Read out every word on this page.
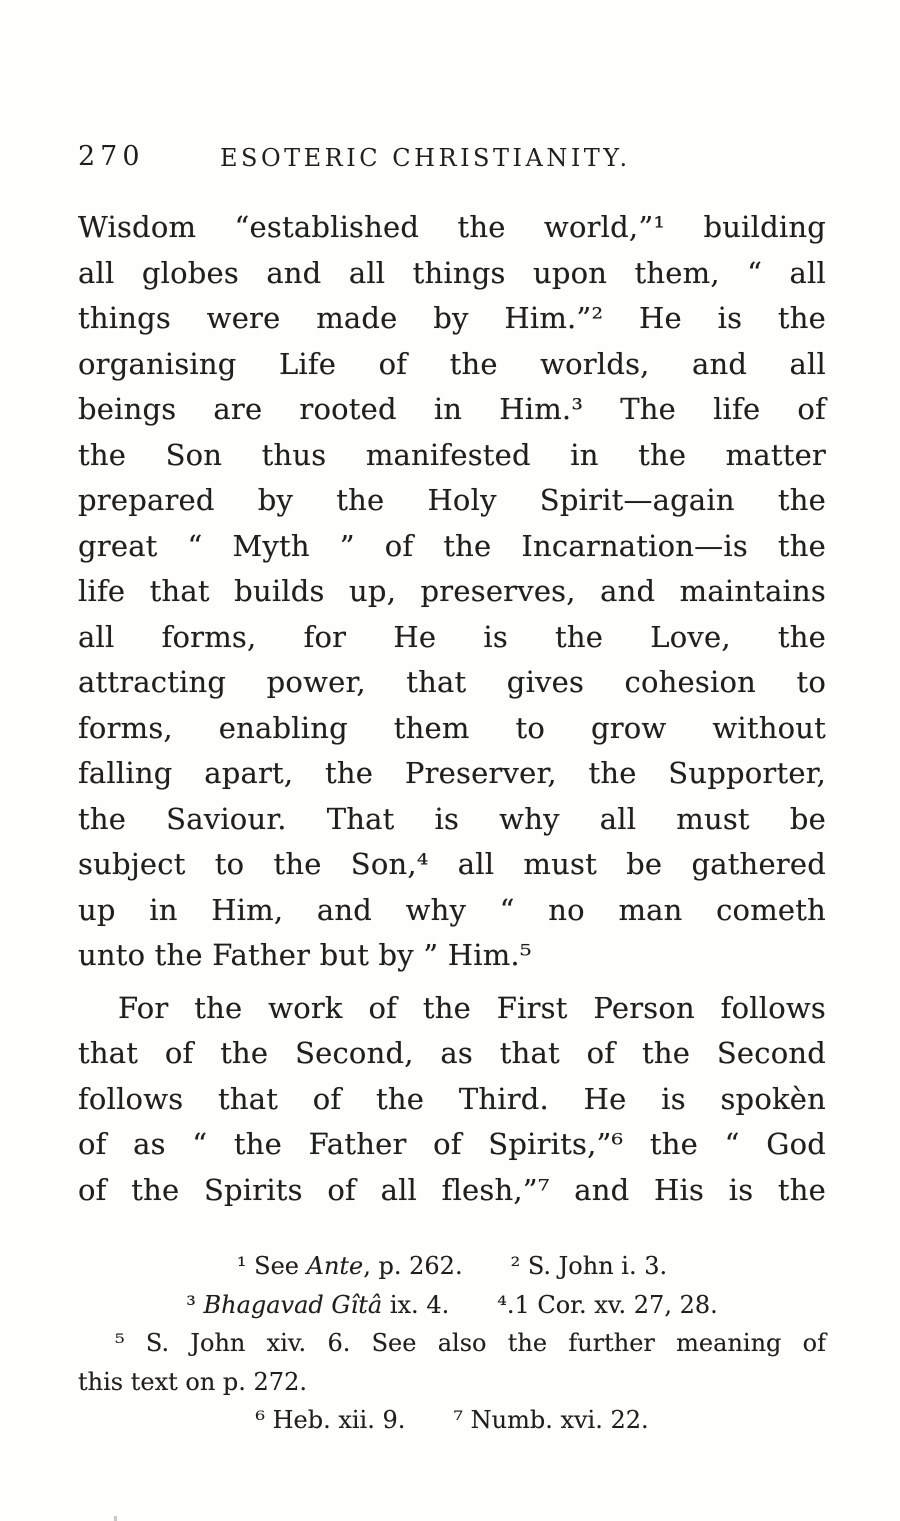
270	ESOTERIC CHRISTIANITY.
Wisdom “established the world,”¹ building
all globes and all things upon them, “ all
things were made by Him.”² He is the
organising Life of the worlds, and all
beings are rooted in Him.³ The life of
the Son thus manifested in the matter
prepared by the Holy Spirit—again the
great “ Myth ” of the Incarnation—is the
life that builds up, preserves, and maintains
all forms, for He is the Love, the
attracting power, that gives cohesion to
forms, enabling them to grow without
falling apart, the Preserver, the Supporter,
the Saviour. That is why all must be
subject to the Son,⁴ all must be gathered
up in Him, and why “ no man cometh
unto the Father but by ” Him.⁵
For the work of the First Person follows
that of the Second, as that of the Second
follows that of the Third. He is spokèn
of as “ the Father of Spirits,”⁶ the “ God
of the Spirits of all flesh,”⁷ and His is the
¹ See Ante, p. 262.  ² S. John i. 3.
³ Bhagavad Gîtâ ix. 4.  ⁴.1 Cor. xv. 27, 28.
⁵ S. John xiv. 6. See also the further meaning of
this text on p. 272.
⁶ Heb. xii. 9.  ⁷ Numb. xvi. 22.
